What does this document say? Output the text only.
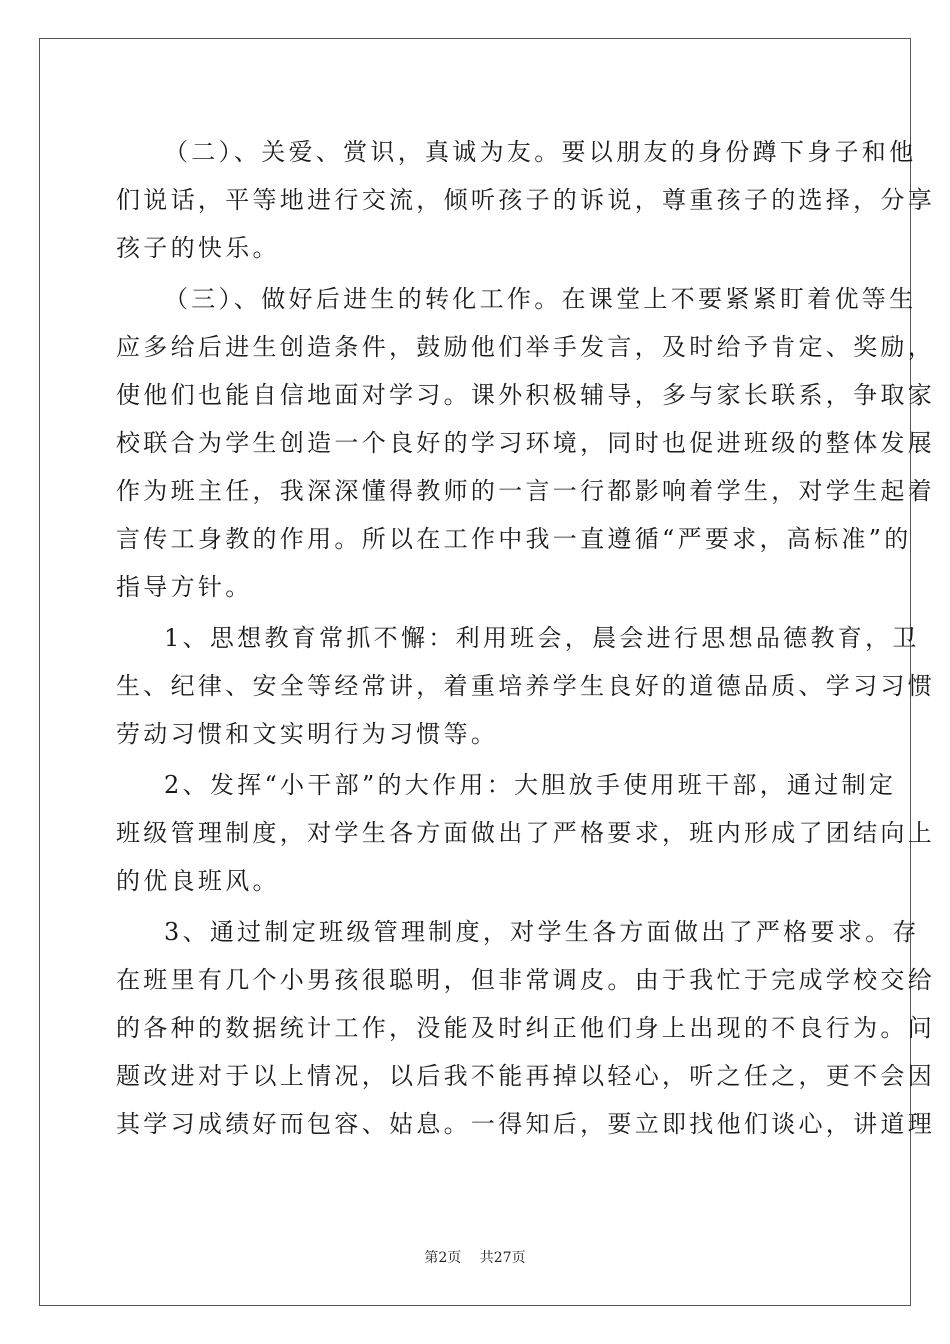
（二）、关爱、赏识，真诚为友。要以朋友的身份蹲下身子和他
们说话，平等地进行交流，倾听孩子的诉说，尊重孩子的选择，分享
孩子的快乐。

（三）、做好后进生的转化工作。在课堂上不要紧紧盯着优等生
应多给后进生创造条件，鼓励他们举手发言，及时给予肯定、奖励，
使他们也能自信地面对学习。课外积极辅导，多与家长联系，争取家
校联合为学生创造一个良好的学习环境，同时也促进班级的整体发展
作为班主任，我深深懂得教师的一言一行都影响着学生，对学生起着
言传工身教的作用。所以在工作中我一直遵循“严要求，高标准”的
指导方针。

1、思想教育常抓不懈：利用班会，晨会进行思想品德教育，卫
生、纪律、安全等经常讲，着重培养学生良好的道德品质、学习习惯
劳动习惯和文实明行为习惯等。

2、发挥“小干部”的大作用：大胆放手使用班干部，通过制定
班级管理制度，对学生各方面做出了严格要求，班内形成了团结向上
的优良班风。

3、通过制定班级管理制度，对学生各方面做出了严格要求。存
在班里有几个小男孩很聪明，但非常调皮。由于我忙于完成学校交给
的各种的数据统计工作，没能及时纠正他们身上出现的不良行为。问
题改进对于以上情况，以后我不能再掉以轻心，听之任之，更不会因
其学习成绩好而包容、姑息。一得知后，要立即找他们谈心，讲道理

第2页 共27页
